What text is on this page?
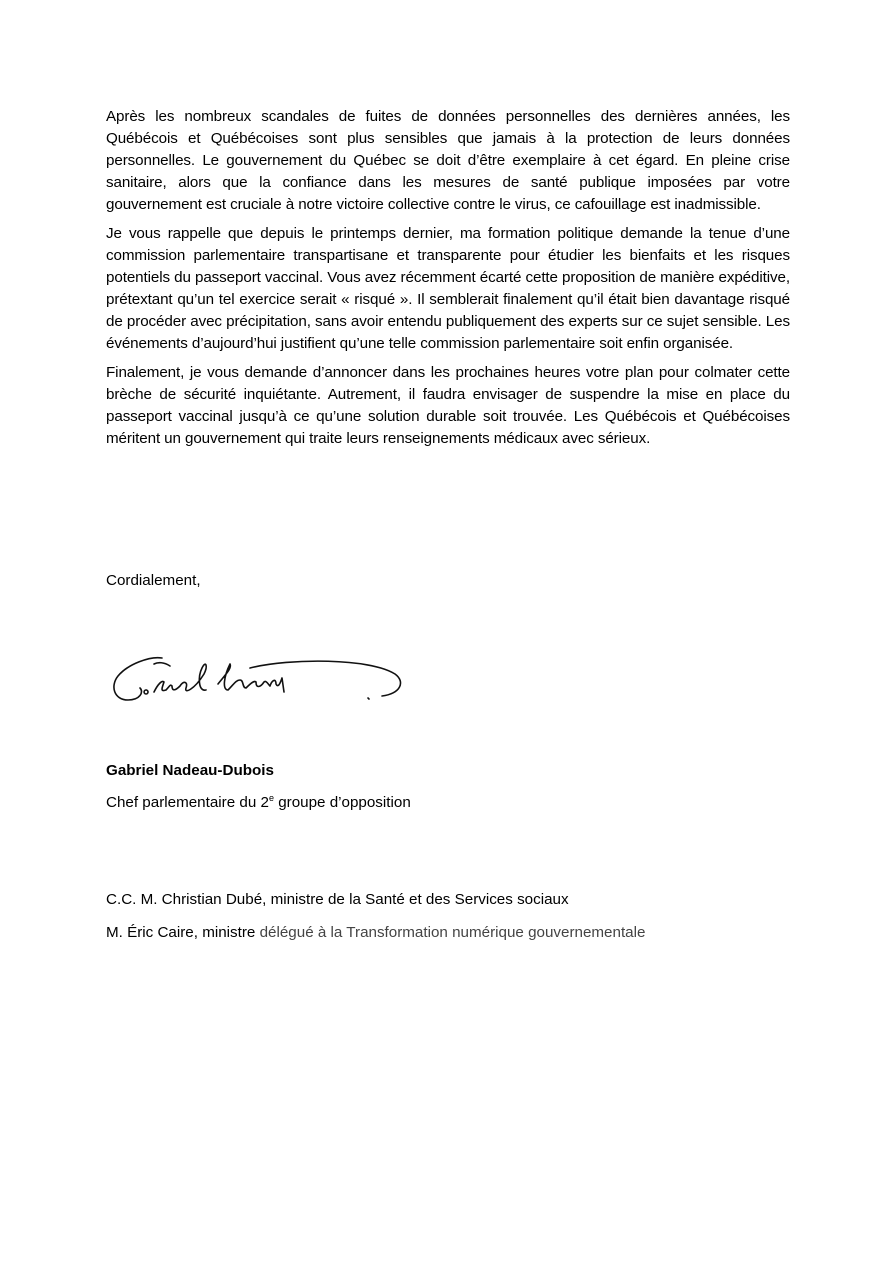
Après les nombreux scandales de fuites de données personnelles des dernières années, les Québécois et Québécoises sont plus sensibles que jamais à la protection de leurs données personnelles. Le gouvernement du Québec se doit d’être exemplaire à cet égard. En pleine crise sanitaire, alors que la confiance dans les mesures de santé publique imposées par votre gouvernement est cruciale à notre victoire collective contre le virus, ce cafouillage est inadmissible.

Je vous rappelle que depuis le printemps dernier, ma formation politique demande la tenue d’une commission parlementaire transpartisane et transparente pour étudier les bienfaits et les risques potentiels du passeport vaccinal. Vous avez récemment écarté cette proposition de manière expéditive, prétextant qu’un tel exercice serait « risqué ». Il semblerait finalement qu’il était bien davantage risqué de procéder avec précipitation, sans avoir entendu publiquement des experts sur ce sujet sensible. Les événements d’aujourd’hui justifient qu’une telle commission parlementaire soit enfin organisée.

Finalement, je vous demande d’annoncer dans les prochaines heures votre plan pour colmater cette brèche de sécurité inquiétante. Autrement, il faudra envisager de suspendre la mise en place du passeport vaccinal jusqu’à ce qu’une solution durable soit trouvée. Les Québécois et Québécoises méritent un gouvernement qui traite leurs renseignements médicaux avec sérieux.

Cordialement,

Gabriel Nadeau-Dubois

Chef parlementaire du 2e groupe d’opposition

C.C. M. Christian Dubé, ministre de la Santé et des Services sociaux

M. Éric Caire, ministre délégué à la Transformation numérique gouvernementale
